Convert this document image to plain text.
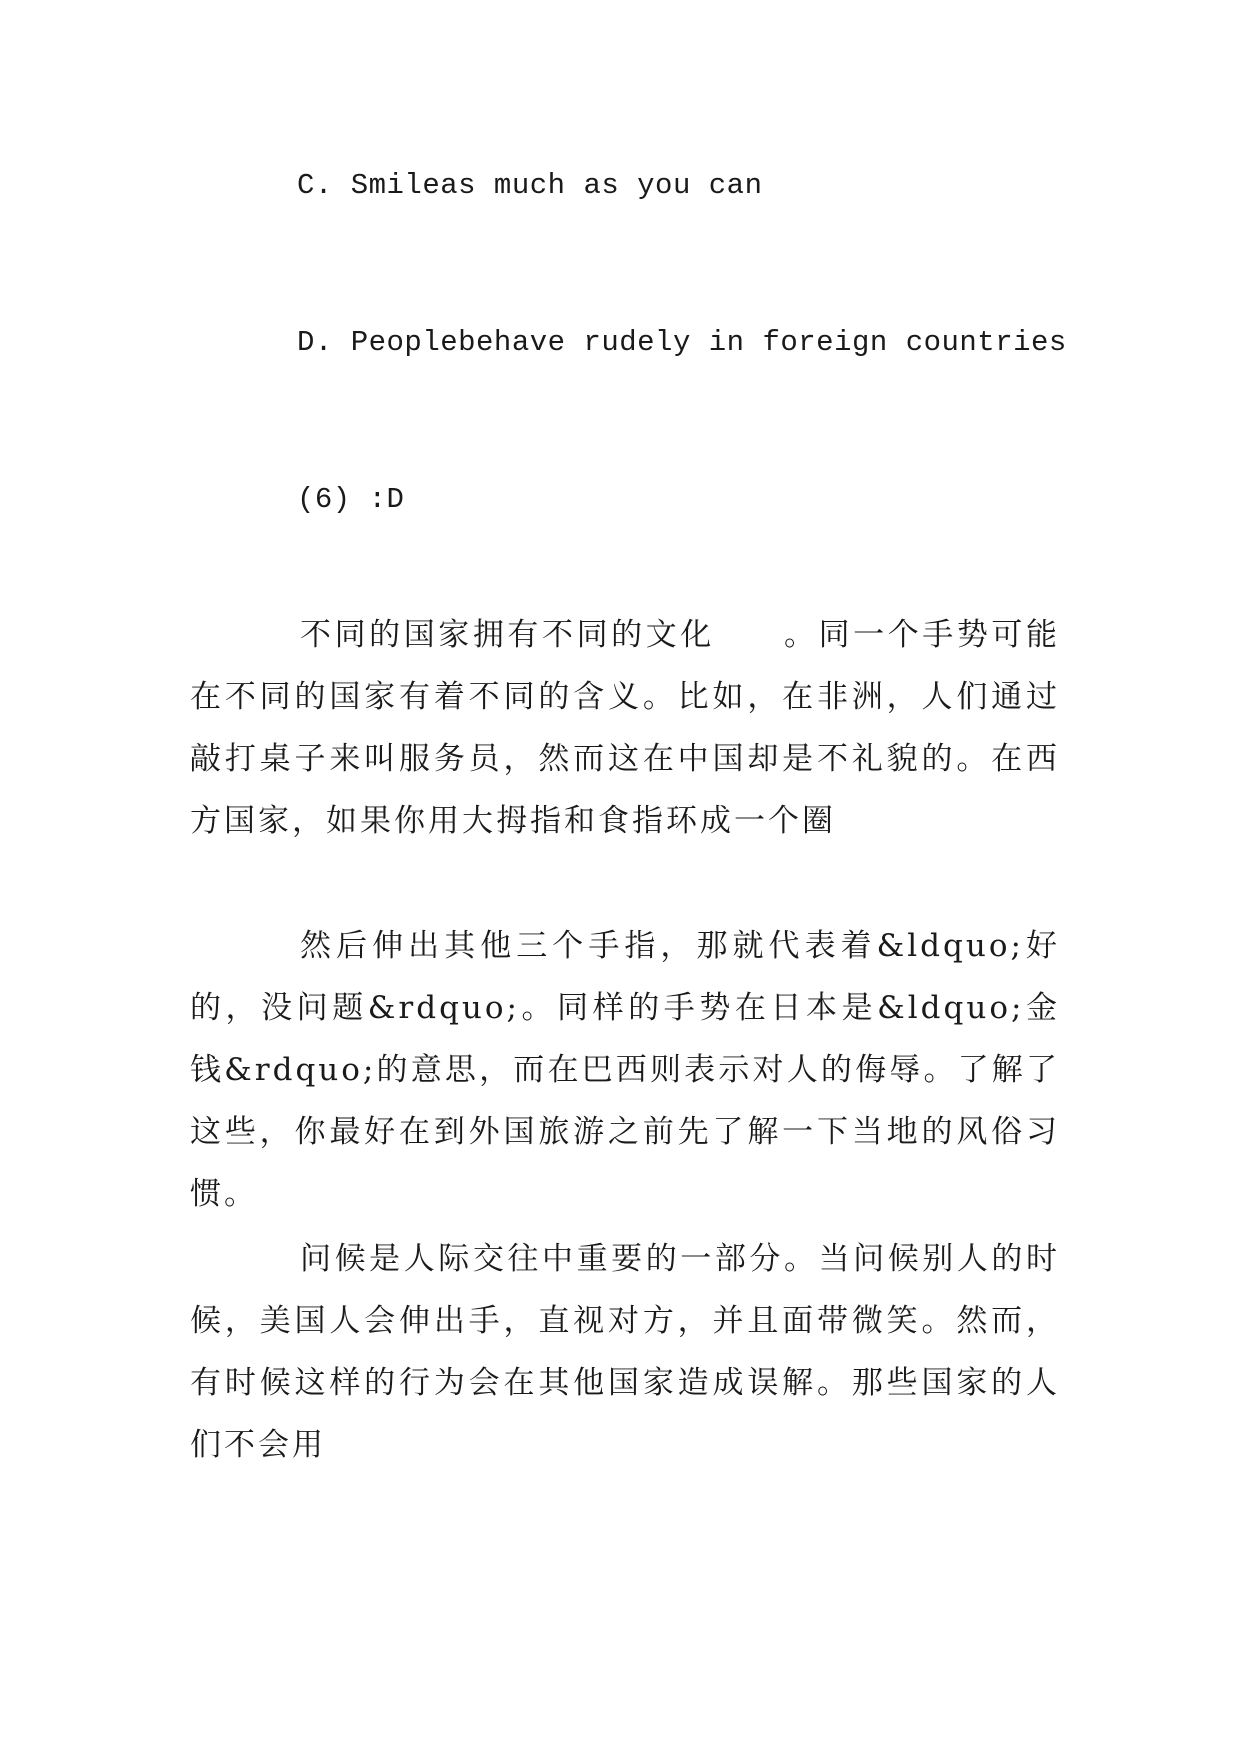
C. Smileas much as you can
D. Peoplebehave rudely in foreign countries
(6) :D

不同的国家拥有不同的文化　　。同一个手势可能在不同的国家有着不同的含义。比如，在非洲，人们通过敲打桌子来叫服务员，然而这在中国却是不礼貌的。在西方国家，如果你用大拇指和食指环成一个圈

然后伸出其他三个手指，那就代表着&ldquo;好的，没问题&rdquo;。同样的手势在日本是&ldquo;金钱&rdquo;的意思，而在巴西则表示对人的侮辱。了解了这些，你最好在到外国旅游之前先了解一下当地的风俗习惯。

问候是人际交往中重要的一部分。当问候别人的时候，美国人会伸出手，直视对方，并且面带微笑。然而，有时候这样的行为会在其他国家造成误解。那些国家的人们不会用
